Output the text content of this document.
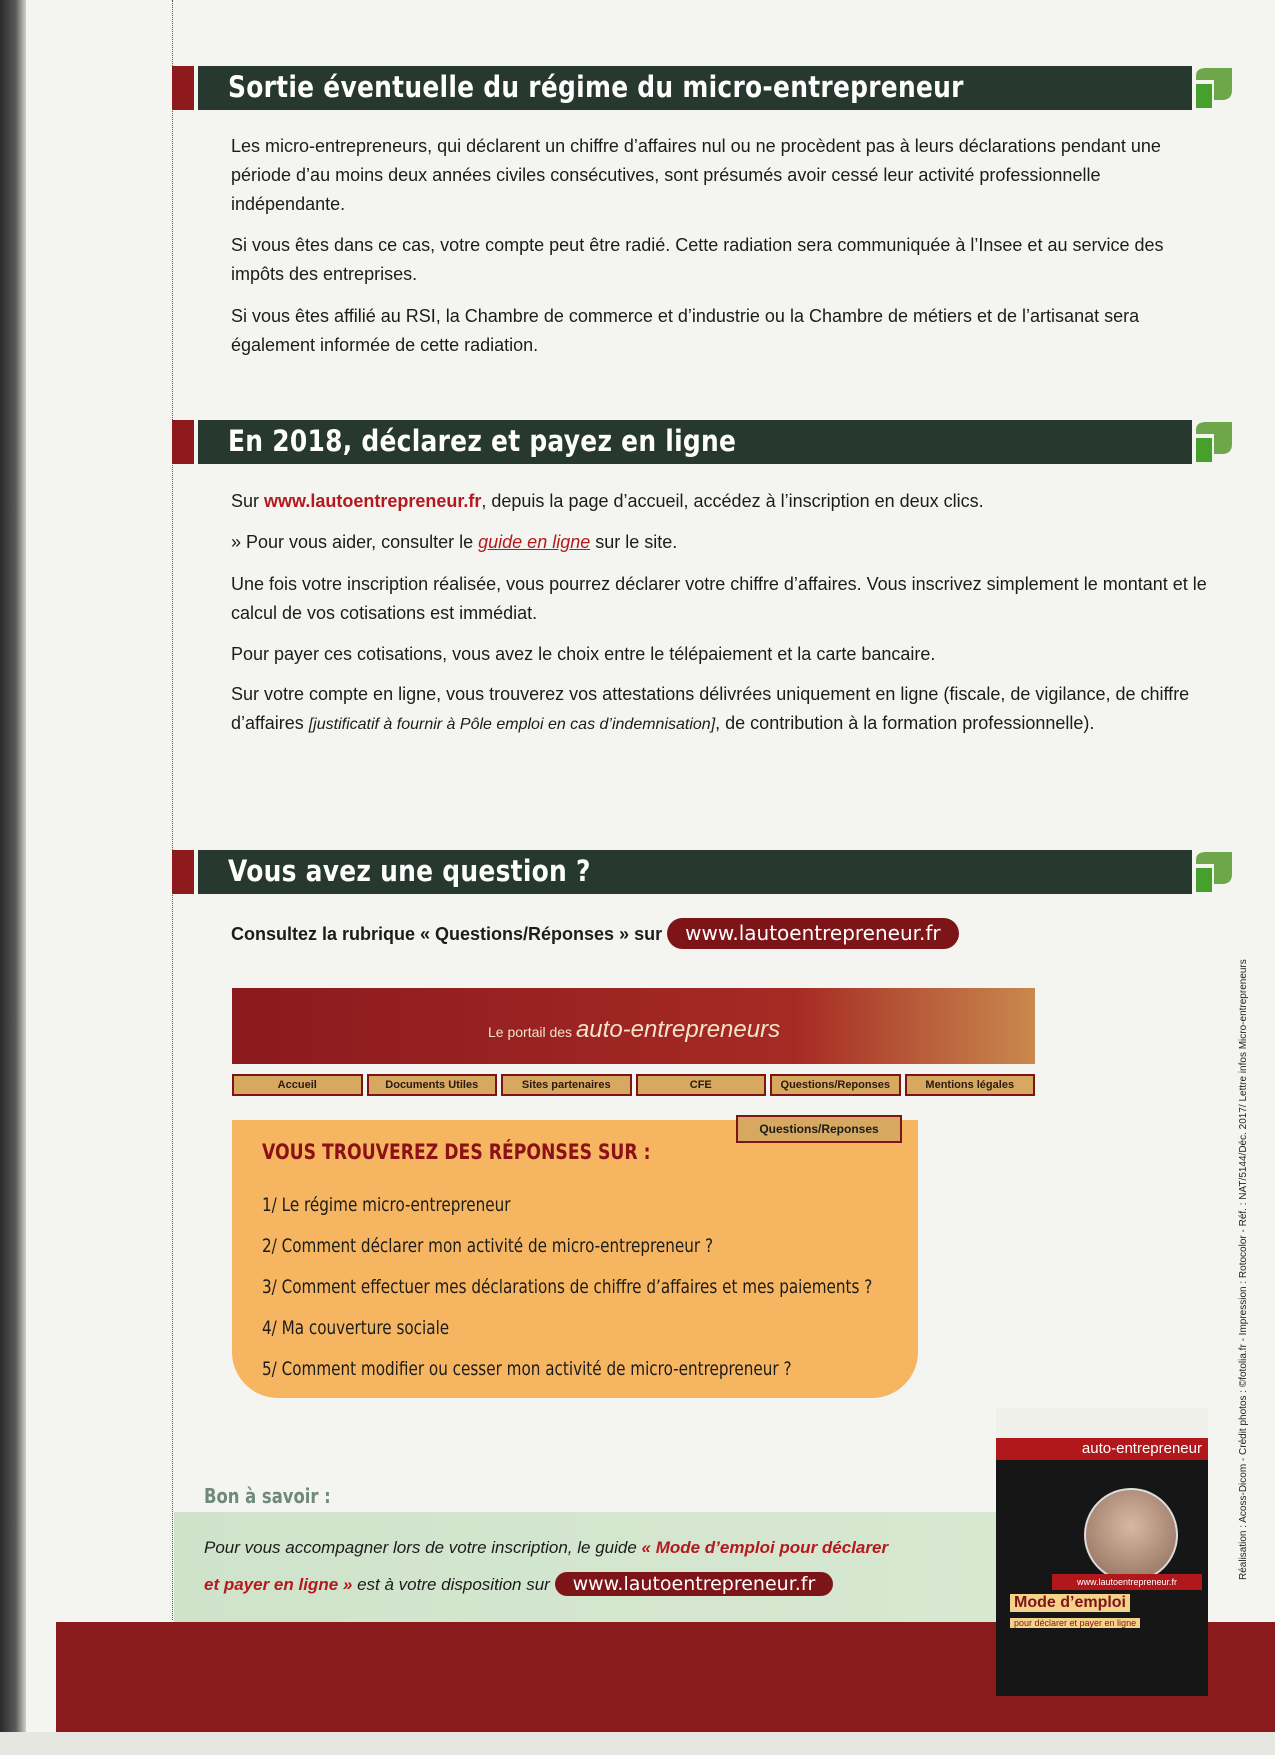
Sortie éventuelle du régime du micro-entrepreneur
Les micro-entrepreneurs, qui déclarent un chiffre d’affaires nul ou ne procèdent pas à leurs déclarations pendant une période d’au moins deux années civiles consécutives, sont présumés avoir cessé leur activité professionnelle indépendante.
Si vous êtes dans ce cas, votre compte peut être radié. Cette radiation sera communiquée à l’Insee et au service des impôts des entreprises.
Si vous êtes affilié au RSI, la Chambre de commerce et d’industrie ou la Chambre de métiers et de l’artisanat sera également informée de cette radiation.
En 2018, déclarez et payez en ligne
Sur www.lautoentrepreneur.fr, depuis la page d’accueil, accédez à l’inscription en deux clics.
» Pour vous aider, consulter le guide en ligne sur le site.
Une fois votre inscription réalisée, vous pourrez déclarer votre chiffre d’affaires. Vous inscrivez simplement le montant et le calcul de vos cotisations est immédiat.
Pour payer ces cotisations, vous avez le choix entre le télépaiement et la carte bancaire.
Sur votre compte en ligne, vous trouverez vos attestations délivrées uniquement en ligne (fiscale, de vigilance, de chiffre d’affaires [justificatif à fournir à Pôle emploi en cas d’indemnisation], de contribution à la formation professionnelle).
Vous avez une question ?
Consultez la rubrique « Questions/Réponses » sur www.lautoentrepreneur.fr
Le portail des auto-entrepreneurs
Accueil	Documents Utiles	Sites partenaires	CFE	Questions/Reponses	Mentions légales
VOUS TROUVEREZ DES RÉPONSES SUR :
1/ Le régime micro-entrepreneur
2/ Comment déclarer mon activité de micro-entrepreneur ?
3/ Comment effectuer mes déclarations de chiffre d’affaires et mes paiements ?
4/ Ma couverture sociale
5/ Comment modifier ou cesser mon activité de micro-entrepreneur ?
Questions/Reponses
Bon à savoir :
Pour vous accompagner lors de votre inscription, le guide « Mode d’emploi pour déclarer
et payer en ligne » est à votre disposition sur www.lautoentrepreneur.fr
auto-entrepreneur
www.lautoentrepreneur.fr
Mode d’emploi
pour déclarer et payer en ligne
Réalisation : Acoss-Dicom - Crédit photos : ©fotolia.fr - Impression : Rotocolor - Réf. : NAT/5144/Déc. 2017/ Lettre infos Micro-entrepreneurs
